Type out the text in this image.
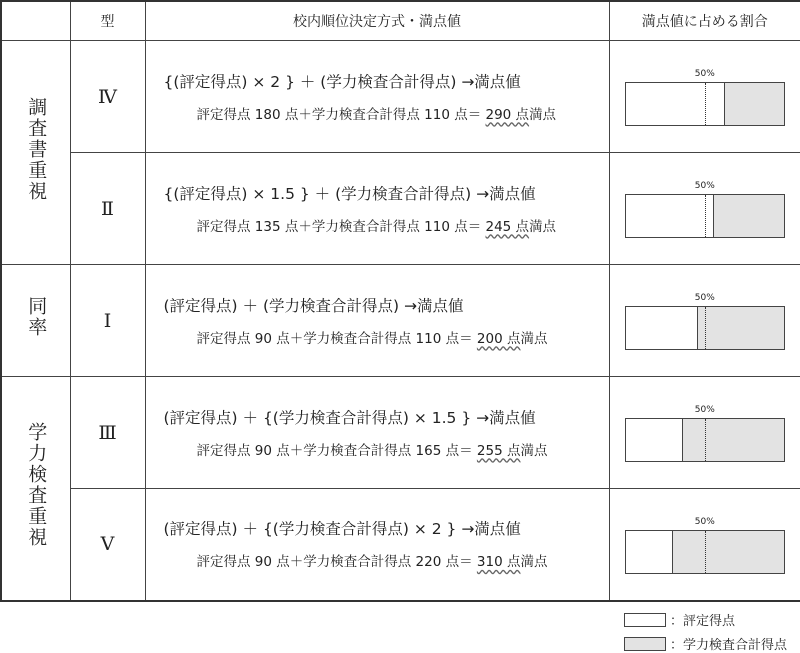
	型	校内順位決定方式・満点値	満点値に占める割合
調査書重視	Ⅳ	{(評定得点) × 2 } ＋ (学力検査合計得点) →満点値
評定得点 180 点＋学力検査合計得点 110 点＝ 290 点満点	50%

	Ⅱ	{(評定得点) × 1.5 } ＋ (学力検査合計得点) →満点値
評定得点 135 点＋学力検査合計得点 110 点＝ 245 点満点	50%

同率	Ⅰ	(評定得点) ＋ (学力検査合計得点) →満点値
評定得点 90 点＋学力検査合計得点 110 点＝ 200 点満点	50%

学力検査重視	Ⅲ	(評定得点) ＋ {(学力検査合計得点) × 1.5 } →満点値
評定得点 90 点＋学力検査合計得点 165 点＝ 255 点満点	50%

	Ⅴ	(評定得点) ＋ {(学力検査合計得点) × 2 } →満点値
評定得点 90 点＋学力検査合計得点 220 点＝ 310 点満点	50%
：評定得点
：学力検査合計得点
